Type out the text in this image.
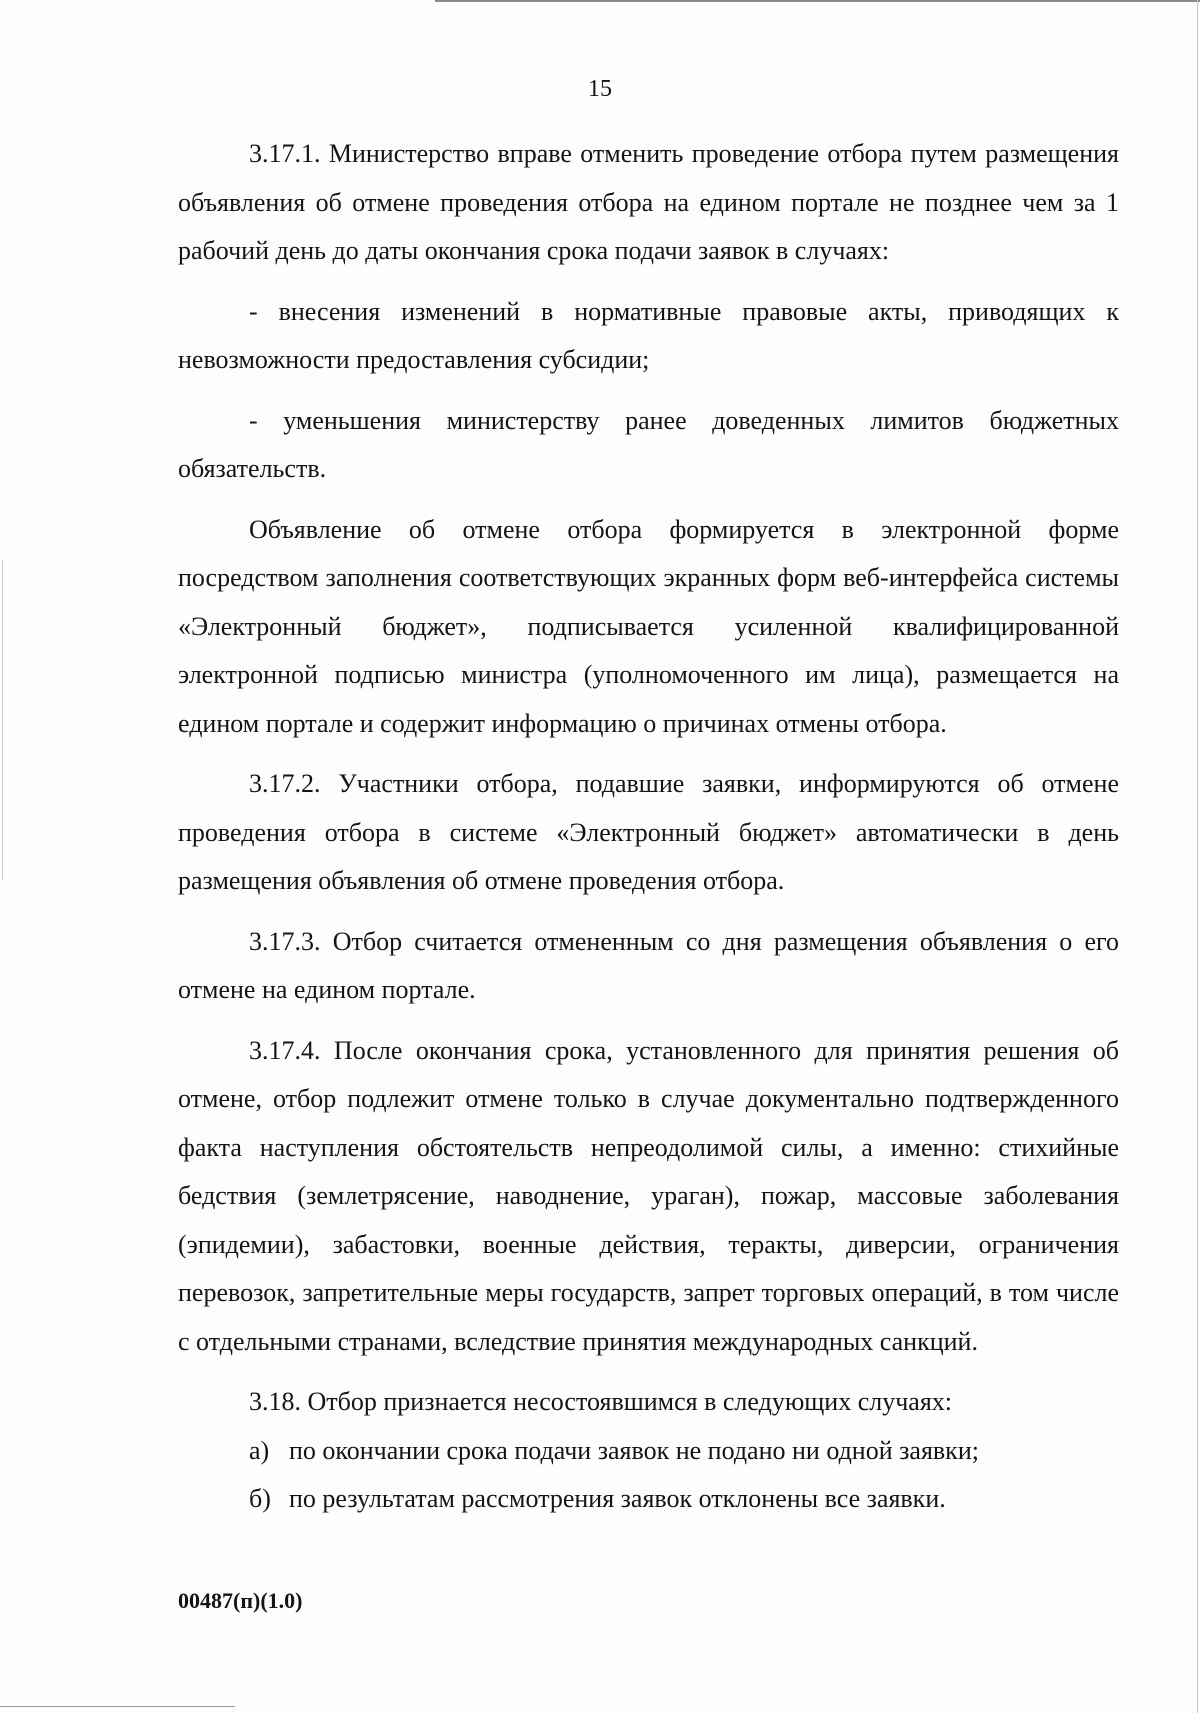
15

3.17.1. Министерство вправе отменить проведение отбора путем размещения объявления об отмене проведения отбора на едином портале не позднее чем за 1 рабочий день до даты окончания срока подачи заявок в случаях:

- внесения изменений в нормативные правовые акты, приводящих к невозможности предоставления субсидии;

- уменьшения министерству ранее доведенных лимитов бюджетных обязательств.

Объявление об отмене отбора формируется в электронной форме посредством заполнения соответствующих экранных форм веб-интерфейса системы «Электронный бюджет», подписывается усиленной квалифицированной электронной подписью министра (уполномоченного им лица), размещается на едином портале и содержит информацию о причинах отмены отбора.

3.17.2. Участники отбора, подавшие заявки, информируются об отмене проведения отбора в системе «Электронный бюджет» автоматически в день размещения объявления об отмене проведения отбора.

3.17.3. Отбор считается отмененным со дня размещения объявления о его отмене на едином портале.

3.17.4. После окончания срока, установленного для принятия решения об отмене, отбор подлежит отмене только в случае документально подтвержденного факта наступления обстоятельств непреодолимой силы, а именно: стихийные бедствия (землетрясение, наводнение, ураган), пожар, массовые заболевания (эпидемии), забастовки, военные действия, теракты, диверсии, ограничения перевозок, запретительные меры государств, запрет торговых операций, в том числе с отдельными странами, вследствие принятия международных санкций.

3.18. Отбор признается несостоявшимся в следующих случаях:

а) по окончании срока подачи заявок не подано ни одной заявки;
б) по результатам рассмотрения заявок отклонены все заявки.
00487(п)(1.0)
